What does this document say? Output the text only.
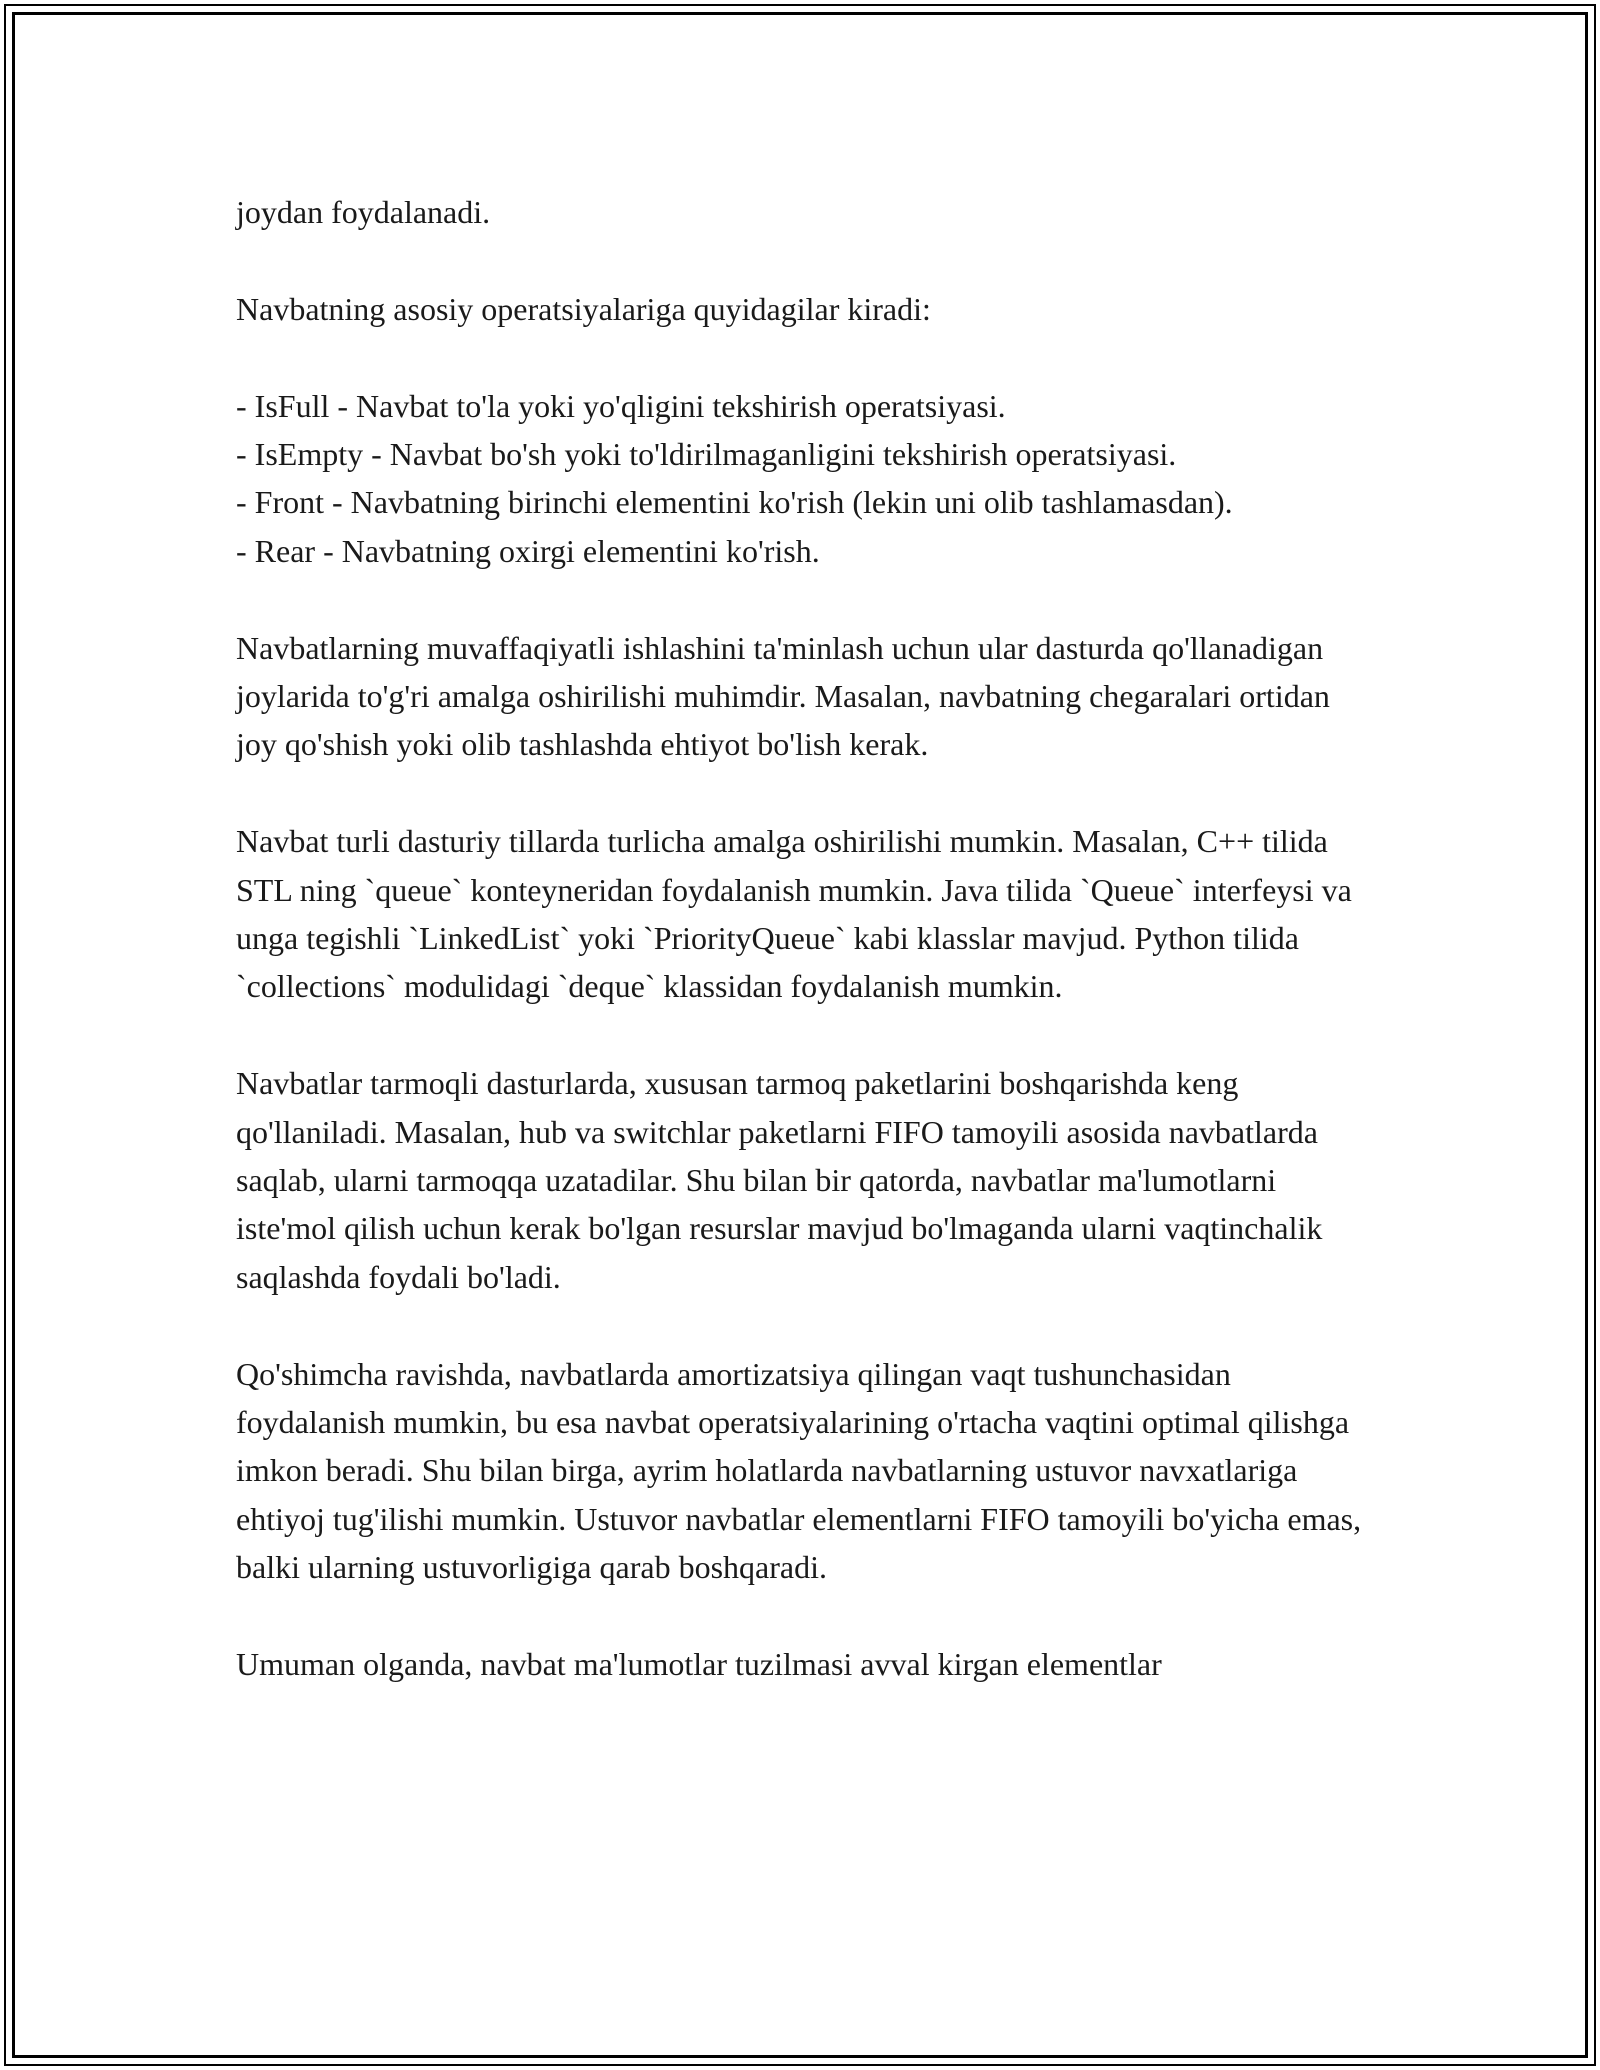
joydan foydalanadi.

Navbatning asosiy operatsiyalariga quyidagilar kiradi:

- IsFull - Navbat to'la yoki yo'qligini tekshirish operatsiyasi.
- IsEmpty - Navbat bo'sh yoki to'ldirilmaganligini tekshirish operatsiyasi.
- Front - Navbatning birinchi elementini ko'rish (lekin uni olib tashlamasdan).
- Rear - Navbatning oxirgi elementini ko'rish.

Navbatlarning muvaffaqiyatli ishlashini ta'minlash uchun ular dasturda qo'llanadigan joylarida to'g'ri amalga oshirilishi muhimdir. Masalan, navbatning chegaralari ortidan joy qo'shish yoki olib tashlashda ehtiyot bo'lish kerak.

Navbat turli dasturiy tillarda turlicha amalga oshirilishi mumkin. Masalan, C++ tilida STL ning `queue` konteyneridan foydalanish mumkin. Java tilida `Queue` interfeysi va unga tegishli `LinkedList` yoki `PriorityQueue` kabi klasslar mavjud. Python tilida `collections` modulidagi `deque` klassidan foydalanish mumkin.

Navbatlar tarmoqli dasturlarda, xususan tarmoq paketlarini boshqarishda keng qo'llaniladi. Masalan, hub va switchlar paketlarni FIFO tamoyili asosida navbatlarda saqlab, ularni tarmoqqa uzatadilar. Shu bilan bir qatorda, navbatlar ma'lumotlarni iste'mol qilish uchun kerak bo'lgan resurslar mavjud bo'lmaganda ularni vaqtinchalik saqlashda foydali bo'ladi.

Qo'shimcha ravishda, navbatlarda amortizatsiya qilingan vaqt tushunchasidan foydalanish mumkin, bu esa navbat operatsiyalarining o'rtacha vaqtini optimal qilishga imkon beradi. Shu bilan birga, ayrim holatlarda navbatlarning ustuvor navxatlariga ehtiyoj tug'ilishi mumkin. Ustuvor navbatlar elementlarni FIFO tamoyili bo'yicha emas, balki ularning ustuvorligiga qarab boshqaradi.

Umuman olganda, navbat ma'lumotlar tuzilmasi avval kirgan elementlar
